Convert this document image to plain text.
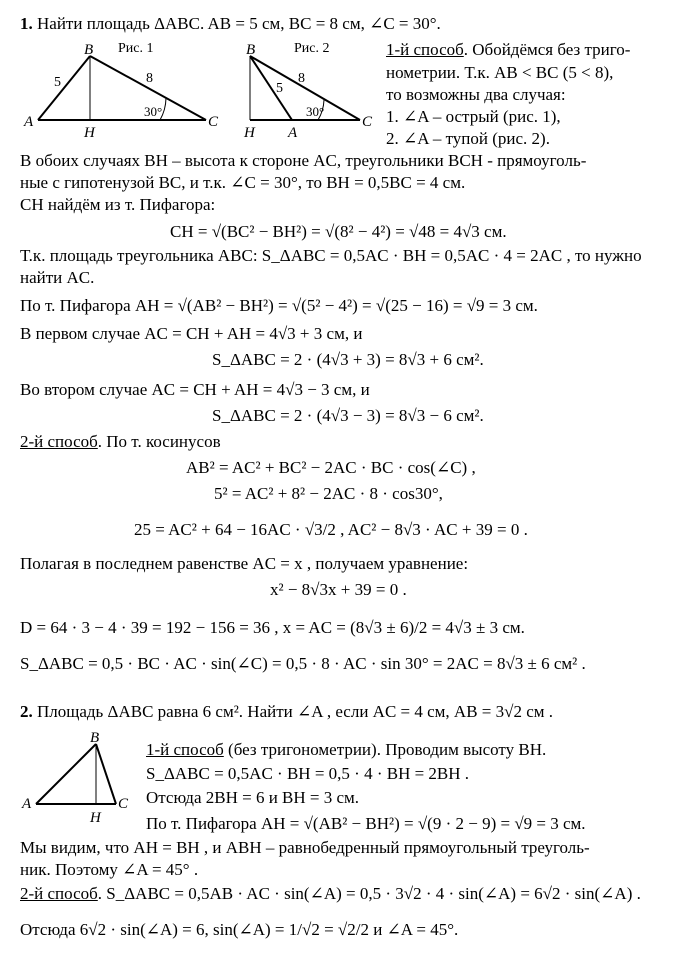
1. Найти площадь ΔABC. AB = 5 см, BC = 8 см, ∠C = 30°.
B
A	C
H
5	8
30°
Рис. 1	B
A
C
H
5
8
30°
Рис. 2	1-й способ. Обойдёмся без триго-
нометрии. Т.к. AB < BC (5 < 8),
то возможны два случая:
1. ∠A – острый (рис. 1),
2. ∠A – тупой (рис. 2).
В обоих случаях BH – высота к стороне AC, треугольники BCH - прямоуголь-
ные с гипотенузой BC, и т.к. ∠C = 30°, то BH = 0,5BC = 4 см.
CH найдём из т. Пифагора:
CH = √(BC² − BH²) = √(8² − 4²) = √48 = 4√3 см.
Т.к. площадь треугольника ABC: S_ΔABC = 0,5AC · BH = 0,5AC · 4 = 2AC , то нужно
найти AC.
По т. Пифагора AH = √(AB² − BH²) = √(5² − 4²) = √(25 − 16) = √9 = 3 см.
В первом случае AC = CH + AH = 4√3 + 3 см, и
S_ΔABC = 2 · (4√3 + 3) = 8√3 + 6 см².
Во втором случае AC = CH + AH = 4√3 − 3 см, и
S_ΔABC = 2 · (4√3 − 3) = 8√3 − 6 см².
2-й способ. По т. косинусов
AB² = AC² + BC² − 2AC · BC · cos(∠C) ,
5² = AC² + 8² − 2AC · 8 · cos30°,
25 = AC² + 64 − 16AC · √3/2 , AC² − 8√3 · AC + 39 = 0 .
Полагая в последнем равенстве AC = x , получаем уравнение:
x² − 8√3x + 39 = 0 .
D = 64 · 3 − 4 · 39 = 192 − 156 = 36 , x = AC = (8√3 ± 6)/2 = 4√3 ± 3 см.
S_ΔABC = 0,5 · BC · AC · sin(∠C) = 0,5 · 8 · AC · sin 30° = 2AC = 8√3 ± 6 см² .
2. Площадь ΔABC равна 6 см². Найти ∠A , если AC = 4 см, AB = 3√2 см .
B
A	C
H
1-й способ (без тригонометрии). Проводим высоту BH.
S_ΔABC = 0,5AC · BH = 0,5 · 4 · BH = 2BH .
Отсюда 2BH = 6 и BH = 3 см.
По т. Пифагора AH = √(AB² − BH²) = √(9 · 2 − 9) = √9 = 3 см.
Мы видим, что AH = BH , и ABH – равнобедренный прямоугольный треуголь-
ник. Поэтому ∠A = 45° .
2-й способ. S_ΔABC = 0,5AB · AC · sin(∠A) = 0,5 · 3√2 · 4 · sin(∠A) = 6√2 · sin(∠A) .
Отсюда 6√2 · sin(∠A) = 6, sin(∠A) = 1/√2 = √2/2 и ∠A = 45°.
